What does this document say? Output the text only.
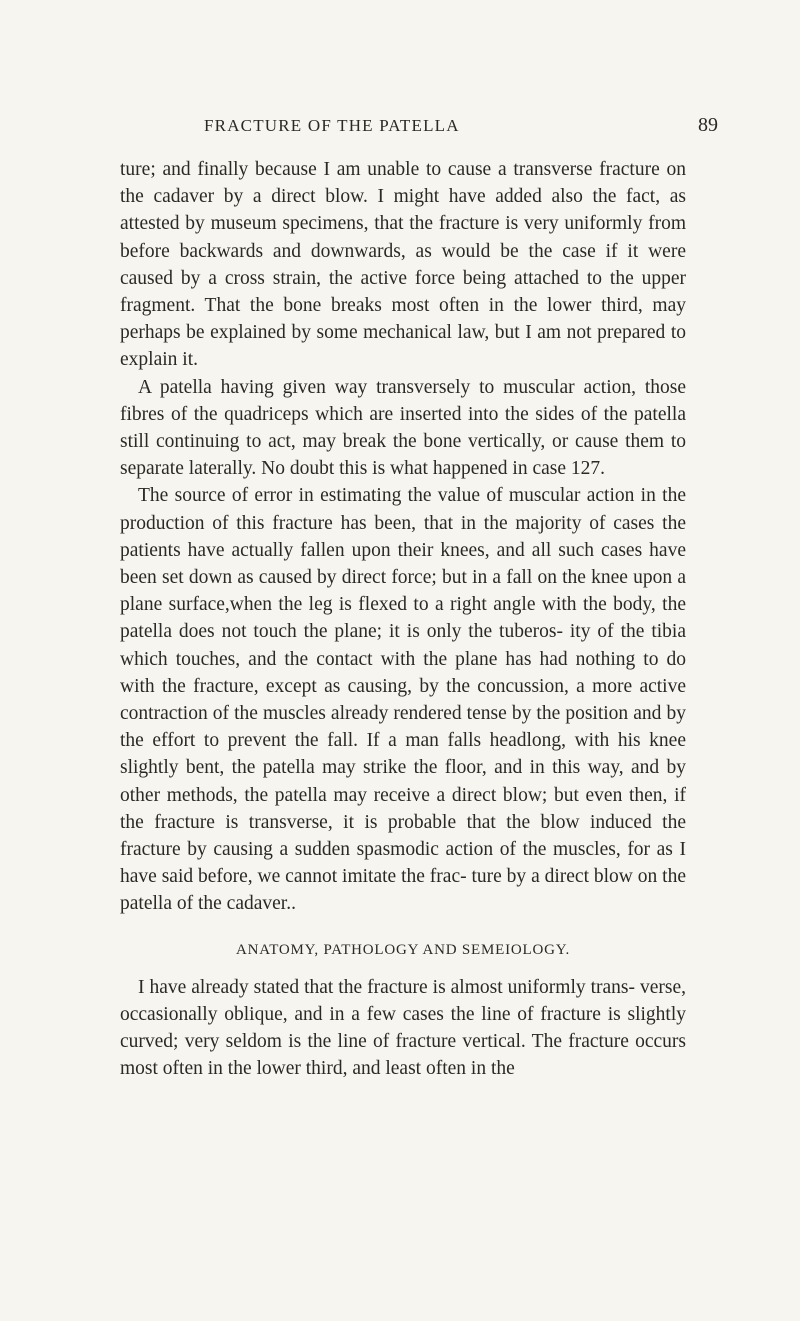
FRACTURE OF THE PATELLA	89

ture; and finally because I am unable to cause a transverse fracture on the cadaver by a direct blow. I might have added also the fact, as attested by museum specimens, that the fracture is very uniformly from before backwards and downwards, as would be the case if it were caused by a cross strain, the active force being attached to the upper fragment. That the bone breaks most often in the lower third, may perhaps be explained by some mechanical law, but I am not prepared to explain it.

A patella having given way transversely to muscular action, those fibres of the quadriceps which are inserted into the sides of the patella still continuing to act, may break the bone vertically, or cause them to separate laterally. No doubt this is what happened in case 127.

The source of error in estimating the value of muscular action in the production of this fracture has been, that in the majority of cases the patients have actually fallen upon their knees, and all such cases have been set down as caused by direct force; but in a fall on the knee upon a plane surface,when the leg is flexed to a right angle with the body, the patella does not touch the plane; it is only the tuberos- ity of the tibia which touches, and the contact with the plane has had nothing to do with the fracture, except as causing, by the concussion, a more active contraction of the muscles already rendered tense by the position and by the effort to prevent the fall. If a man falls headlong, with his knee slightly bent, the patella may strike the floor, and in this way, and by other methods, the patella may receive a direct blow; but even then, if the fracture is transverse, it is probable that the blow induced the fracture by causing a sudden spasmodic action of the muscles, for as I have said before, we cannot imitate the frac- ture by a direct blow on the patella of the cadaver..

ANATOMY, PATHOLOGY AND SEMEIOLOGY.

I have already stated that the fracture is almost uniformly trans- verse, occasionally oblique, and in a few cases the line of fracture is slightly curved; very seldom is the line of fracture vertical. The fracture occurs most often in the lower third, and least often in the
